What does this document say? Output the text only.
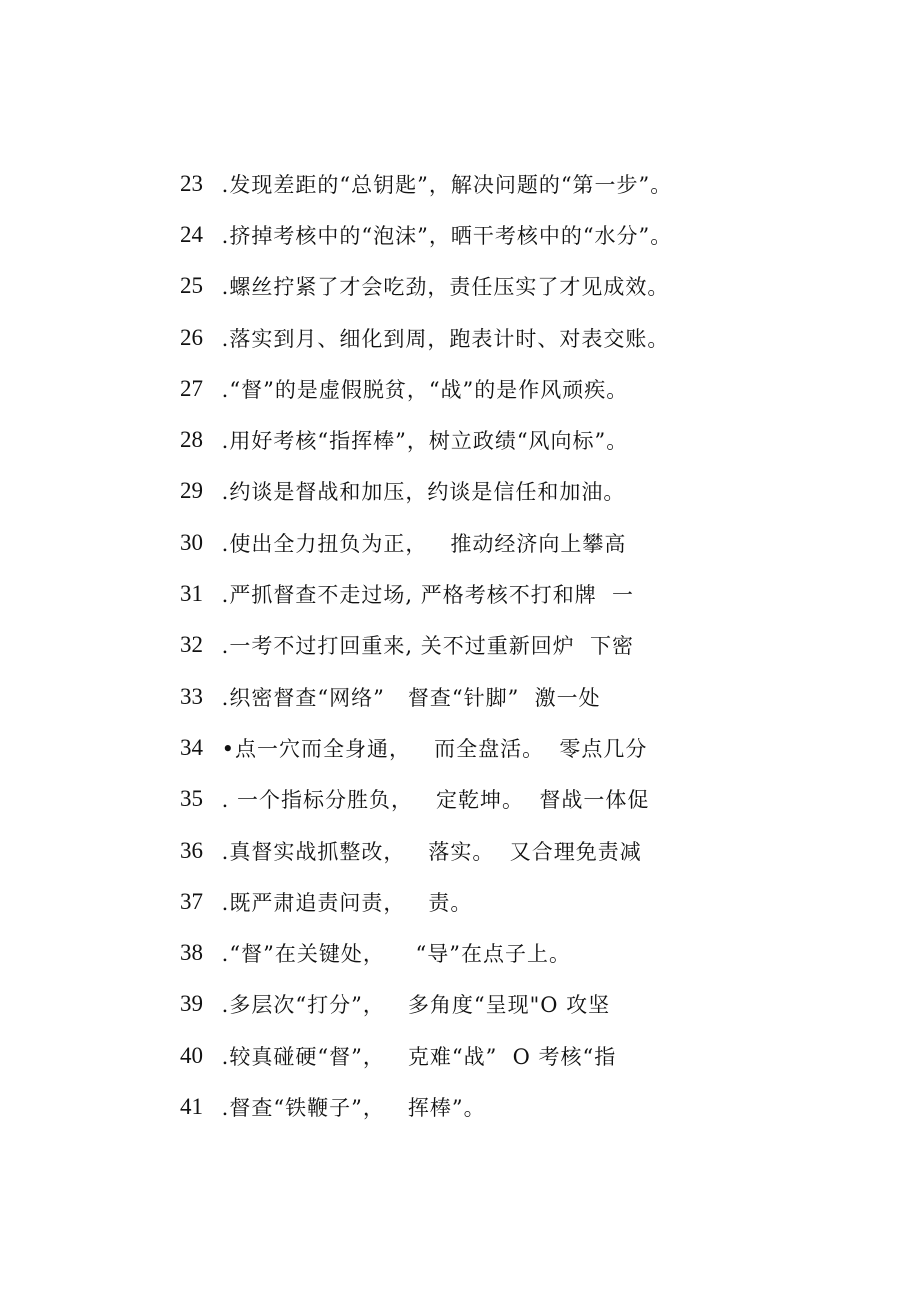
23 .发现差距的“总钥匙”，解决问题的“第一步”。
24 .挤掉考核中的“泡沫”，晒干考核中的“水分”。
25 .螺丝拧紧了才会吃劲，责任压实了才见成效。
26 .落实到月、细化到周，跑表计时、对表交账。
27 .“督”的是虚假脱贫，“战”的是作风顽疾。
28 .用好考核“指挥棒”，树立政绩“风向标”。
29 .约谈是督战和加压，约谈是信任和加油。
30 .使出全力扭负为正，   推动经济向上攀高
31 .严抓督查不走过场, 严格考核不打和牌  一
32 .一考不过打回重来, 关不过重新回炉  下密
33 .织密督查“网络”   督查“针脚”  激一处
34 •点一穴而全身通，   而全盘活。  零点几分
35 . 一个指标分胜负，   定乾坤。  督战一体促
36 .真督实战抓整改，   落实。  又合理免责减
37 .既严肃追责问责，   责。
38 .“督”在关键处，    “导”在点子上。
39 .多层次“打分”，   多角度“呈现"O 攻坚
40 .较真碰硬“督”，   克难“战”  O 考核“指
41 .督查“铁鞭子”，   挥棒”。
